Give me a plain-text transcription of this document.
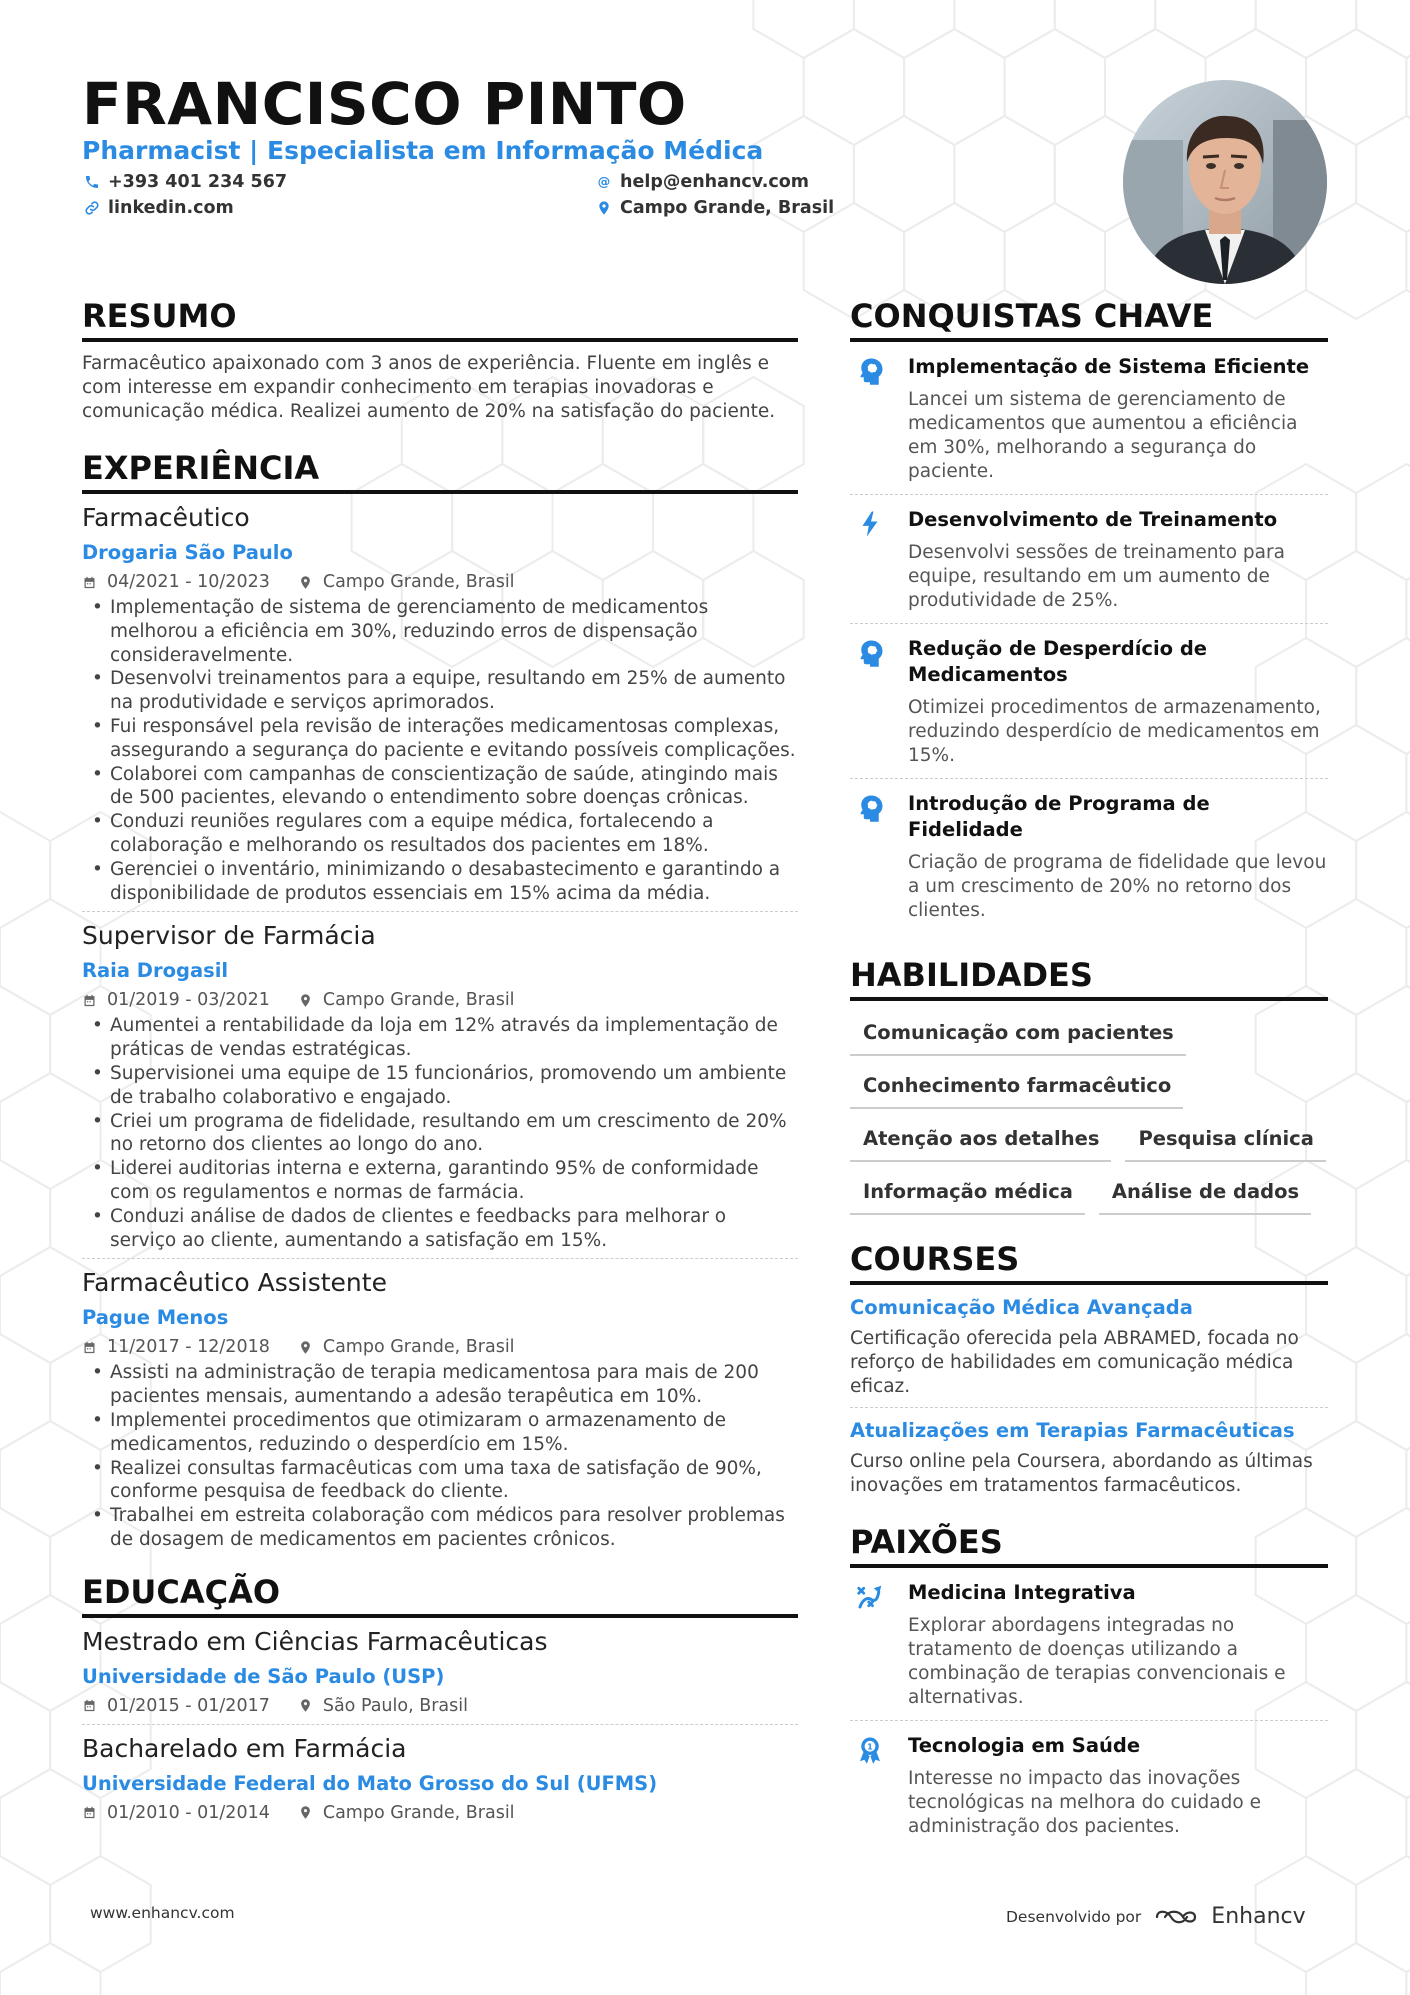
FRANCISCO PINTO
Pharmacist | Especialista em Informação Médica
+393 401 234 567
linkedin.com
@ help@enhancv.com
Campo Grande, Brasil
RESUMO
Farmacêutico apaixonado com 3 anos de experiência. Fluente em inglês e com interesse em expandir conhecimento em terapias inovadoras e comunicação médica. Realizei aumento de 20% na satisfação do paciente.
EXPERIÊNCIA
Farmacêutico
Drogaria São Paulo
04/2021 - 10/2023	Campo Grande, Brasil
• Implementação de sistema de gerenciamento de medicamentos melhorou a eficiência em 30%, reduzindo erros de dispensação consideravelmente.
• Desenvolvi treinamentos para a equipe, resultando em 25% de aumento na produtividade e serviços aprimorados.
• Fui responsável pela revisão de interações medicamentosas complexas, assegurando a segurança do paciente e evitando possíveis complicações.
• Colaborei com campanhas de conscientização de saúde, atingindo mais de 500 pacientes, elevando o entendimento sobre doenças crônicas.
• Conduzi reuniões regulares com a equipe médica, fortalecendo a colaboração e melhorando os resultados dos pacientes em 18%.
• Gerenciei o inventário, minimizando o desabastecimento e garantindo a disponibilidade de produtos essenciais em 15% acima da média.
Supervisor de Farmácia
Raia Drogasil
01/2019 - 03/2021	Campo Grande, Brasil
• Aumentei a rentabilidade da loja em 12% através da implementação de práticas de vendas estratégicas.
• Supervisionei uma equipe de 15 funcionários, promovendo um ambiente de trabalho colaborativo e engajado.
• Criei um programa de fidelidade, resultando em um crescimento de 20% no retorno dos clientes ao longo do ano.
• Liderei auditorias interna e externa, garantindo 95% de conformidade com os regulamentos e normas de farmácia.
• Conduzi análise de dados de clientes e feedbacks para melhorar o serviço ao cliente, aumentando a satisfação em 15%.
Farmacêutico Assistente
Pague Menos
11/2017 - 12/2018	Campo Grande, Brasil
• Assisti na administração de terapia medicamentosa para mais de 200 pacientes mensais, aumentando a adesão terapêutica em 10%.
• Implementei procedimentos que otimizaram o armazenamento de medicamentos, reduzindo o desperdício em 15%.
• Realizei consultas farmacêuticas com uma taxa de satisfação de 90%, conforme pesquisa de feedback do cliente.
• Trabalhei em estreita colaboração com médicos para resolver problemas de dosagem de medicamentos em pacientes crônicos.
EDUCAÇÃO
Mestrado em Ciências Farmacêuticas
Universidade de São Paulo (USP)
01/2015 - 01/2017	São Paulo, Brasil
Bacharelado em Farmácia
Universidade Federal do Mato Grosso do Sul (UFMS)
01/2010 - 01/2014	Campo Grande, Brasil
CONQUISTAS CHAVE
Implementação de Sistema Eficiente
Lancei um sistema de gerenciamento de medicamentos que aumentou a eficiência em 30%, melhorando a segurança do paciente.
Desenvolvimento de Treinamento
Desenvolvi sessões de treinamento para equipe, resultando em um aumento de produtividade de 25%.
Redução de Desperdício de Medicamentos
Otimizei procedimentos de armazenamento, reduzindo desperdício de medicamentos em 15%.
Introdução de Programa de Fidelidade
Criação de programa de fidelidade que levou a um crescimento de 20% no retorno dos clientes.
HABILIDADES
Comunicação com pacientes
Conhecimento farmacêutico
Atenção aos detalhes	Pesquisa clínica
Informação médica	Análise de dados
COURSES
Comunicação Médica Avançada
Certificação oferecida pela ABRAMED, focada no reforço de habilidades em comunicação médica eficaz.
Atualizações em Terapias Farmacêuticas
Curso online pela Coursera, abordando as últimas inovações em tratamentos farmacêuticos.
PAIXÕES
Medicina Integrativa
Explorar abordagens integradas no tratamento de doenças utilizando a combinação de terapias convencionais e alternativas.
1 Tecnologia em Saúde
Interesse no impacto das inovações tecnológicas na melhora do cuidado e administração dos pacientes.
www.enhancv.com	Desenvolvido por	Enhancv
